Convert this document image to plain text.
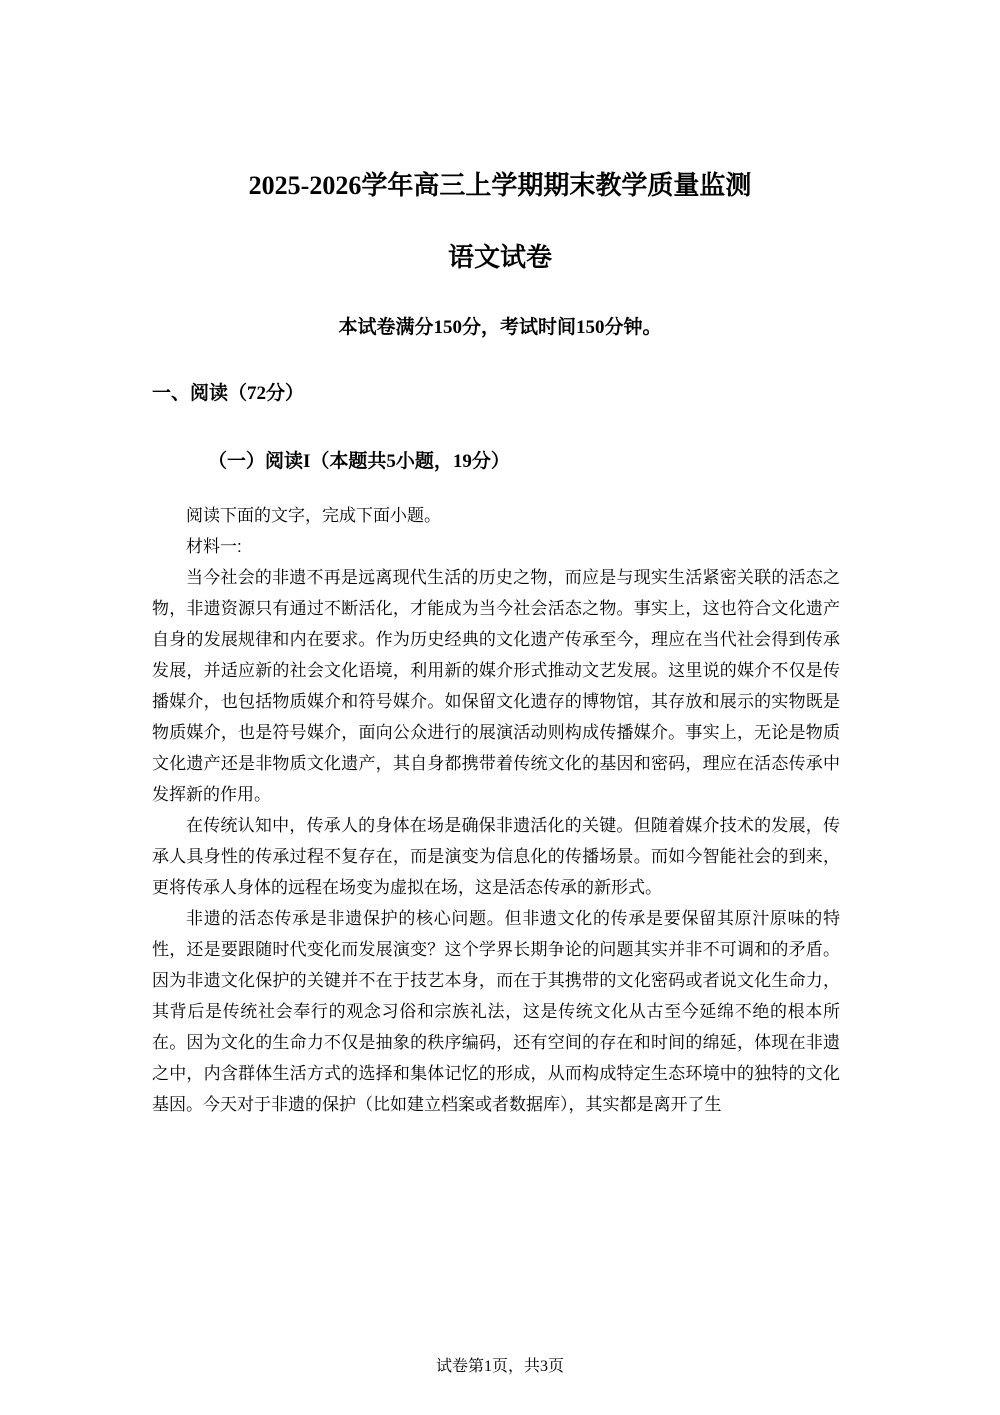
2025-2026学年高三上学期期末教学质量监测
语文试卷
本试卷满分150分，考试时间150分钟。
一、阅读（72分）
（一）阅读I（本题共5小题，19分）

阅读下面的文字，完成下面小题。

材料一:

当今社会的非遗不再是远离现代生活的历史之物，而应是与现实生活紧密关联的活态之物，非遗资源只有通过不断活化，才能成为当今社会活态之物。事实上，这也符合文化遗产自身的发展规律和内在要求。作为历史经典的文化遗产传承至今，理应在当代社会得到传承发展，并适应新的社会文化语境，利用新的媒介形式推动文艺发展。这里说的媒介不仅是传播媒介，也包括物质媒介和符号媒介。如保留文化遗存的博物馆，其存放和展示的实物既是物质媒介，也是符号媒介，面向公众进行的展演活动则构成传播媒介。事实上，无论是物质文化遗产还是非物质文化遗产，其自身都携带着传统文化的基因和密码，理应在活态传承中发挥新的作用。

在传统认知中，传承人的身体在场是确保非遗活化的关键。但随着媒介技术的发展，传承人具身性的传承过程不复存在，而是演变为信息化的传播场景。而如今智能社会的到来，更将传承人身体的远程在场变为虚拟在场，这是活态传承的新形式。

非遗的活态传承是非遗保护的核心问题。但非遗文化的传承是要保留其原汁原味的特性，还是要跟随时代变化而发展演变？这个学界长期争论的问题其实并非不可调和的矛盾。因为非遗文化保护的关键并不在于技艺本身，而在于其携带的文化密码或者说文化生命力，其背后是传统社会奉行的观念习俗和宗族礼法，这是传统文化从古至今延绵不绝的根本所在。因为文化的生命力不仅是抽象的秩序编码，还有空间的存在和时间的绵延，体现在非遗之中，内含群体生活方式的选择和集体记忆的形成，从而构成特定生态环境中的独特的文化基因。今天对于非遗的保护（比如建立档案或者数据库），其实都是离开了生

试卷第1页，共3页
